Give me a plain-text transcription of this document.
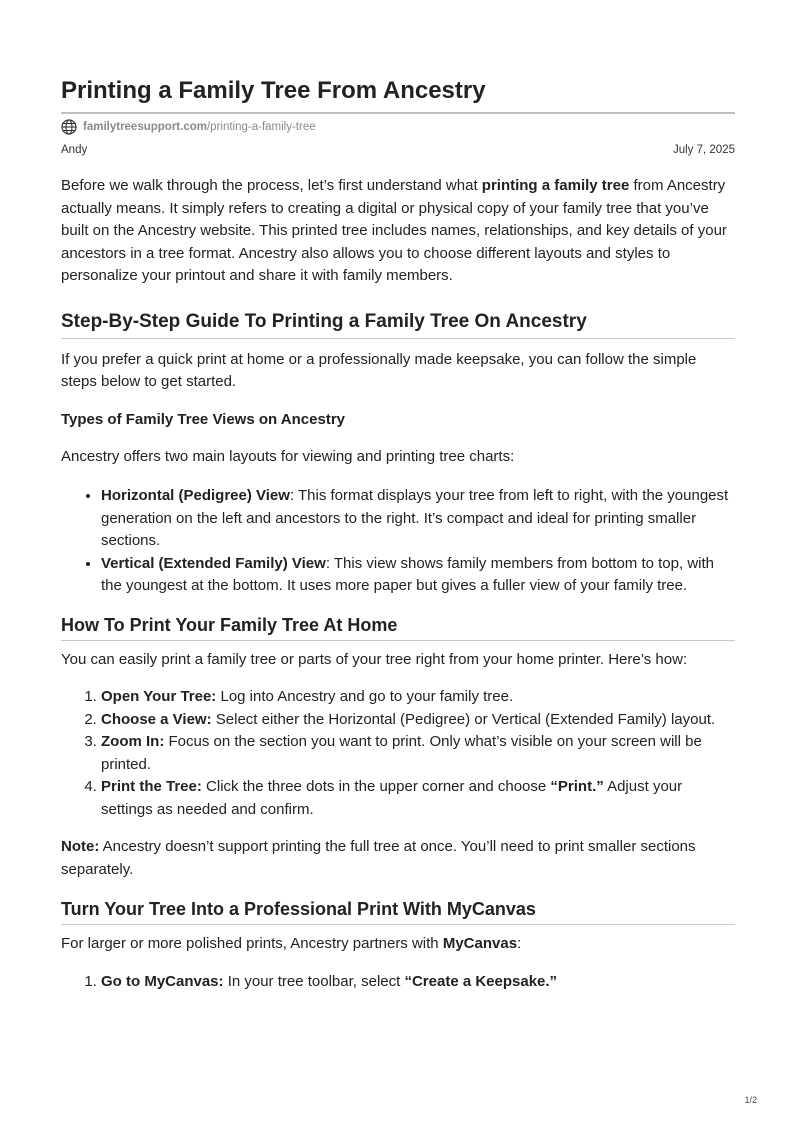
Printing a Family Tree From Ancestry
familytreesupport.com /printing-a-family-tree
Andy	July 7, 2025

Before we walk through the process, let’s first understand what printing a family tree from Ancestry actually means. It simply refers to creating a digital or physical copy of your family tree that you’ve built on the Ancestry website. This printed tree includes names, relationships, and key details of your ancestors in a tree format. Ancestry also allows you to choose different layouts and styles to personalize your printout and share it with family members.

Step-By-Step Guide To Printing a Family Tree On Ancestry

If you prefer a quick print at home or a professionally made keepsake, you can follow the simple steps below to get started.

Types of Family Tree Views on Ancestry

Ancestry offers two main layouts for viewing and printing tree charts:

• Horizontal (Pedigree) View: This format displays your tree from left to right, with the youngest generation on the left and ancestors to the right. It’s compact and ideal for printing smaller sections.
• Vertical (Extended Family) View: This view shows family members from bottom to top, with the youngest at the bottom. It uses more paper but gives a fuller view of your family tree.
How To Print Your Family Tree At Home

You can easily print a family tree or parts of your tree right from your home printer. Here’s how:

1. Open Your Tree: Log into Ancestry and go to your family tree.
2. Choose a View: Select either the Horizontal (Pedigree) or Vertical (Extended Family) layout.
3. Zoom In: Focus on the section you want to print. Only what’s visible on your screen will be printed.
4. Print the Tree: Click the three dots in the upper corner and choose “Print.” Adjust your settings as needed and confirm.

Note: Ancestry doesn’t support printing the full tree at once. You’ll need to print smaller sections separately.

Turn Your Tree Into a Professional Print With MyCanvas

For larger or more polished prints, Ancestry partners with MyCanvas:

1. Go to MyCanvas: In your tree toolbar, select “Create a Keepsake.”
1/2
